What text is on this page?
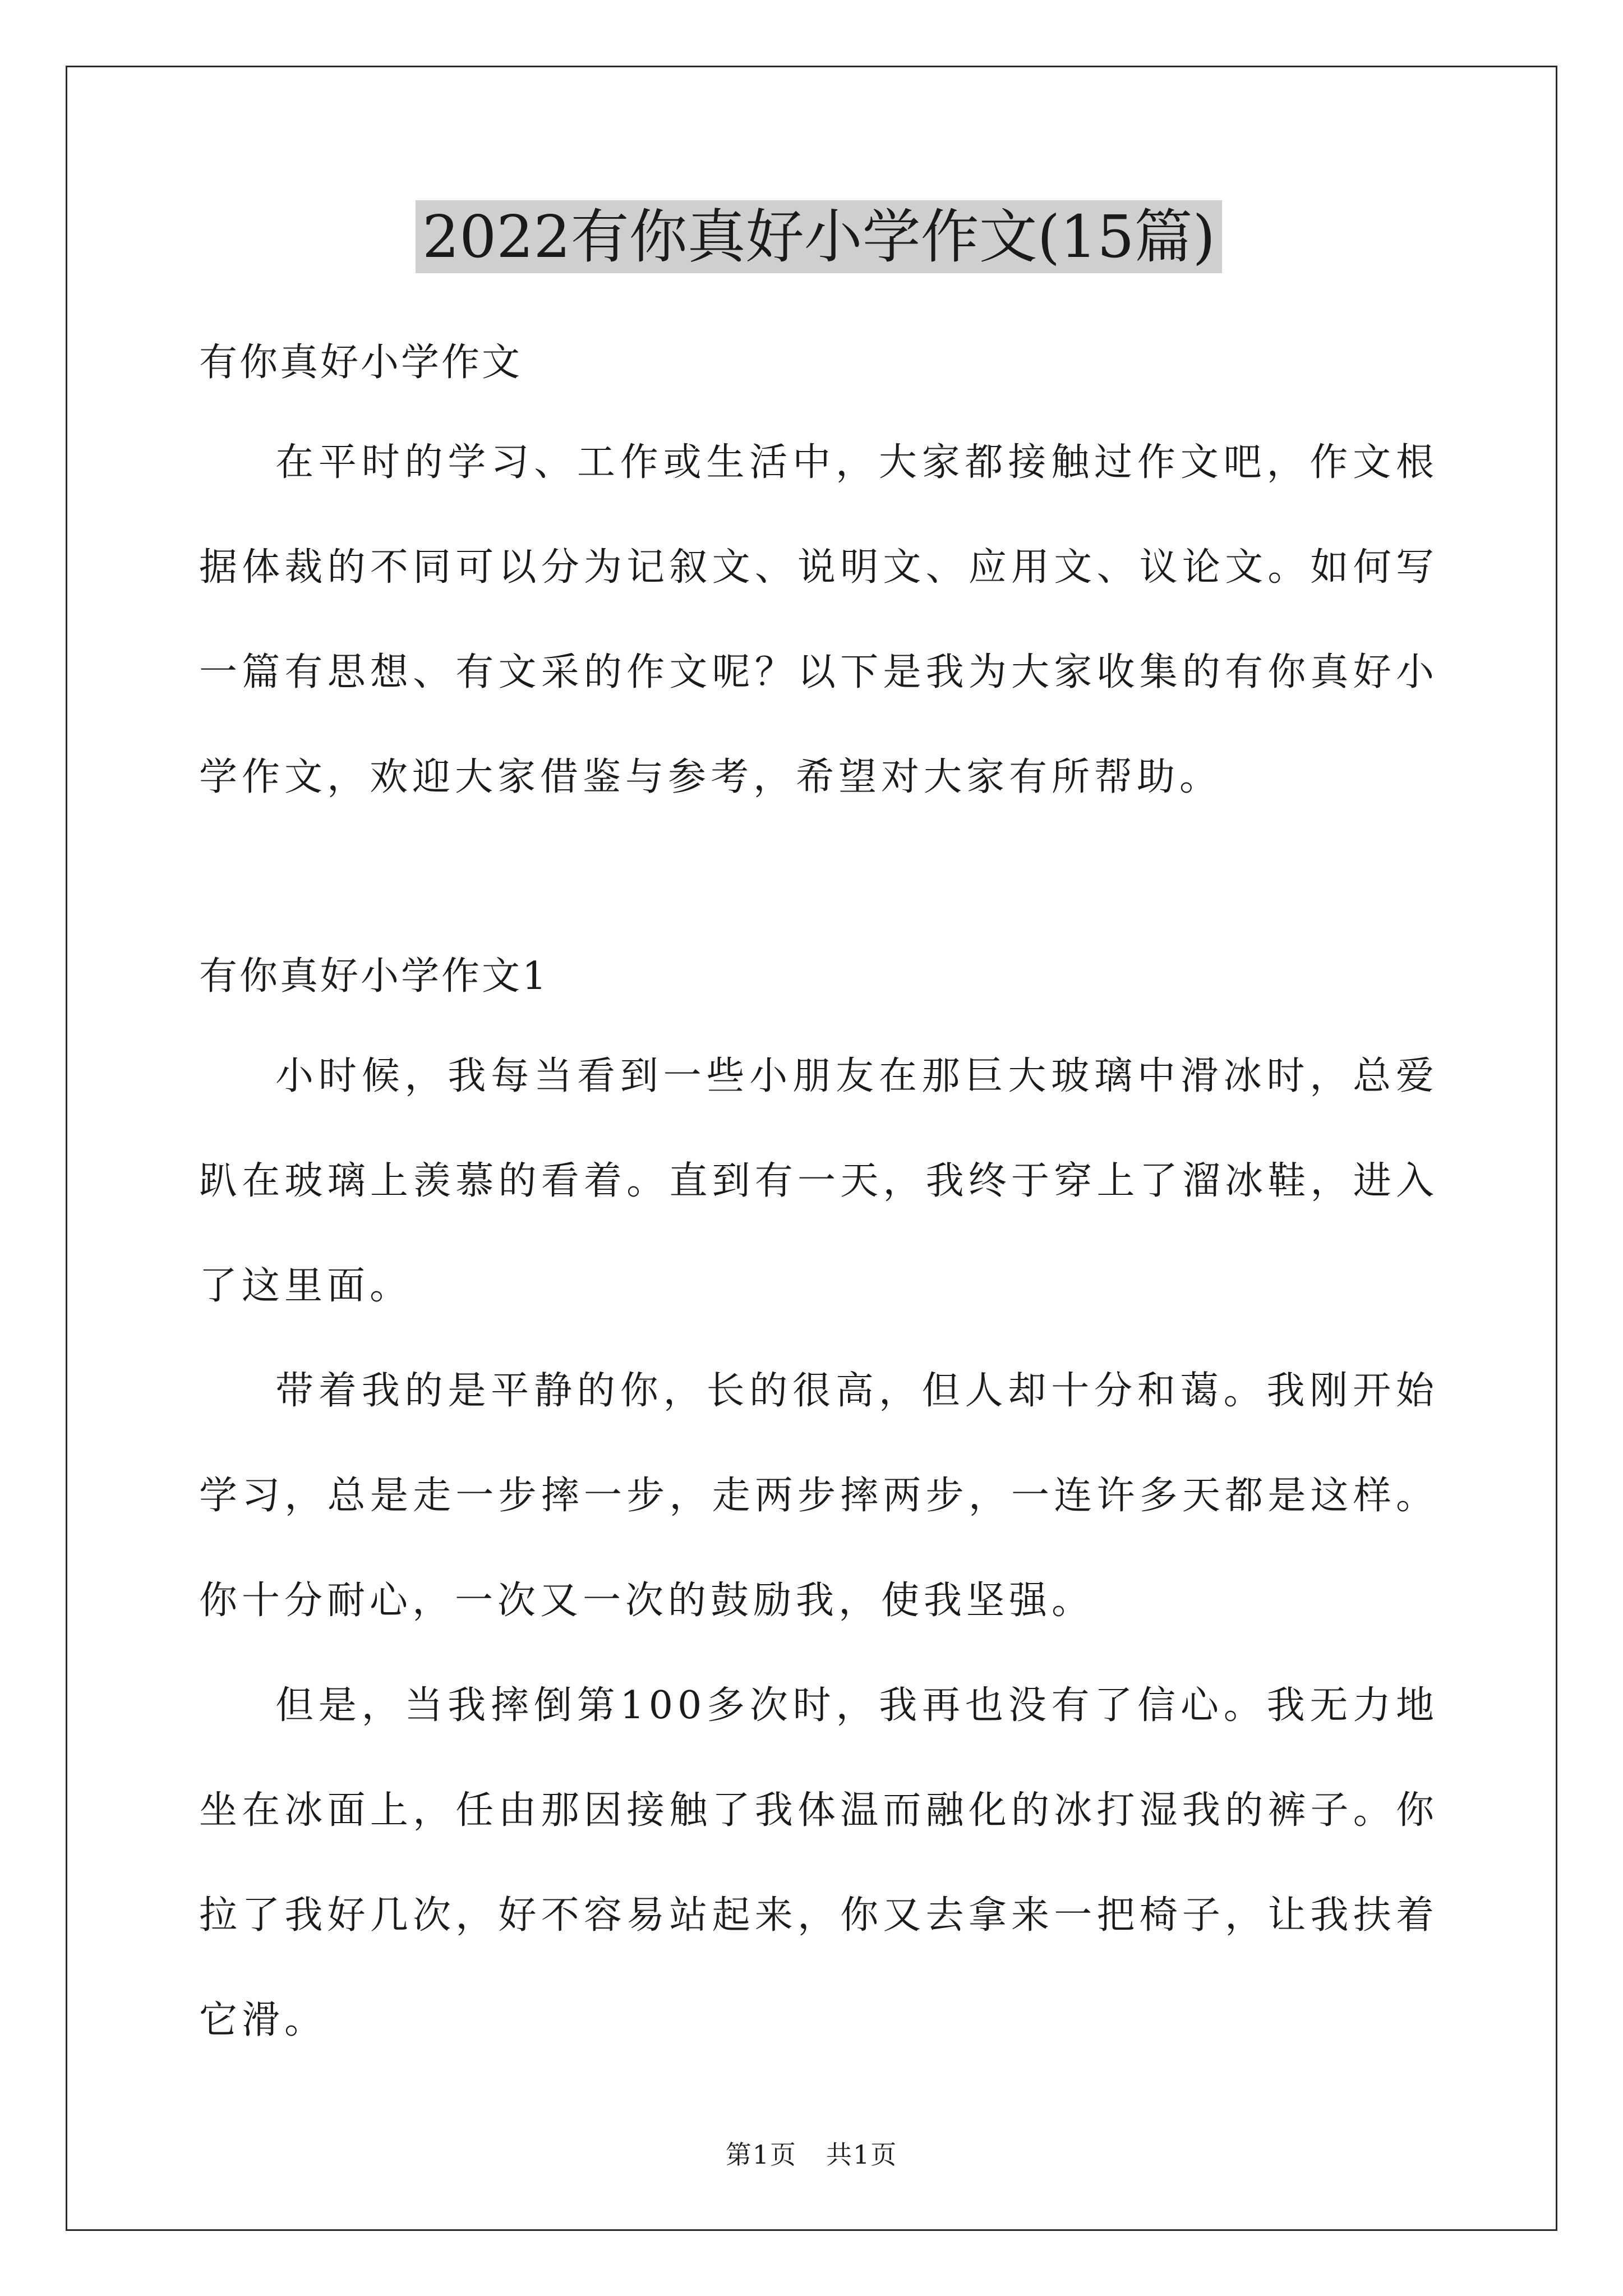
2022有你真好小学作文(15篇)
有你真好小学作文

在平时的学习、工作或生活中，大家都接触过作文吧，作文根据体裁的不同可以分为记叙文、说明文、应用文、议论文。如何写一篇有思想、有文采的作文呢？以下是我为大家收集的有你真好小学作文，欢迎大家借鉴与参考，希望对大家有所帮助。

有你真好小学作文1

小时候，我每当看到一些小朋友在那巨大玻璃中滑冰时，总爱趴在玻璃上羡慕的看着。直到有一天，我终于穿上了溜冰鞋，进入了这里面。

带着我的是平静的你，长的很高，但人却十分和蔼。我刚开始学习，总是走一步摔一步，走两步摔两步，一连许多天都是这样。你十分耐心，一次又一次的鼓励我，使我坚强。

但是，当我摔倒第100多次时，我再也没有了信心。我无力地坐在冰面上，任由那因接触了我体温而融化的冰打湿我的裤子。你拉了我好几次，好不容易站起来，你又去拿来一把椅子，让我扶着它滑。

第1页 共1页
